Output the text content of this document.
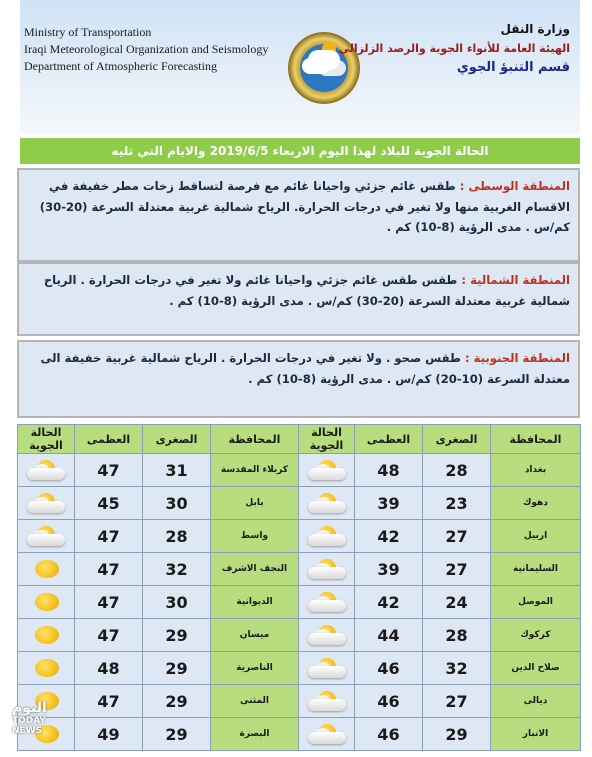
Ministry of Transportation
Iraqi Meteorological Organization and Seismology
Department of Atmospheric Forecasting
وزارة النقل
الهيئة العامة للأنواء الجوية والرصد الزلزالي
قسم التنبؤ الجوي
الحالة الجوية للبلاد لهذا اليوم الاربعاء 2019/6/5 والايام التي تليه
المنطقة الوسطى : طقس غائم جزئي واحيانا غائم مع فرصة لتساقط زخات مطر خفيفة في الاقسام الغربية منها ولا تغير في درجات الحرارة. الرياح شمالية غربية معتدلة السرعة (20-30) كم/س . مدى الرؤية (8-10) كم .
المنطقة الشمالية : طقس طقس غائم جزئي واحيانا غائم ولا تغير في درجات الحرارة . الرياح شمالية غربية معتدلة السرعة (20-30) كم/س . مدى الرؤية (8-10) كم .
المنطقة الجنوبية : طقس صحو . ولا تغير في درجات الحرارة . الرياح شمالية غربية خفيفة الى معتدلة السرعة (10-20) كم/س . مدى الرؤية (8-10) كم .
المحافظة	الصغرى	العظمى	الحالة الجوية	المحافظة	الصغرى	العظمى	الحالة الجوية
بغداد	28	48		كربلاء المقدسة	31	47	

دهوك	23	39		بابل	30	45	

اربيل	27	42		واسط	28	47	

السليمانية	27	39		النجف الاشرف	32	47	

الموصل	24	42		الديوانية	30	47	

كركوك	28	44		ميسان	29	47	

صلاح الدين	32	46		الناصرية	29	48	

ديالى	27	46		المثنى	29	47	

الانبار	29	46		البصرة	29	49	
اليوم
TODAY NEWS
